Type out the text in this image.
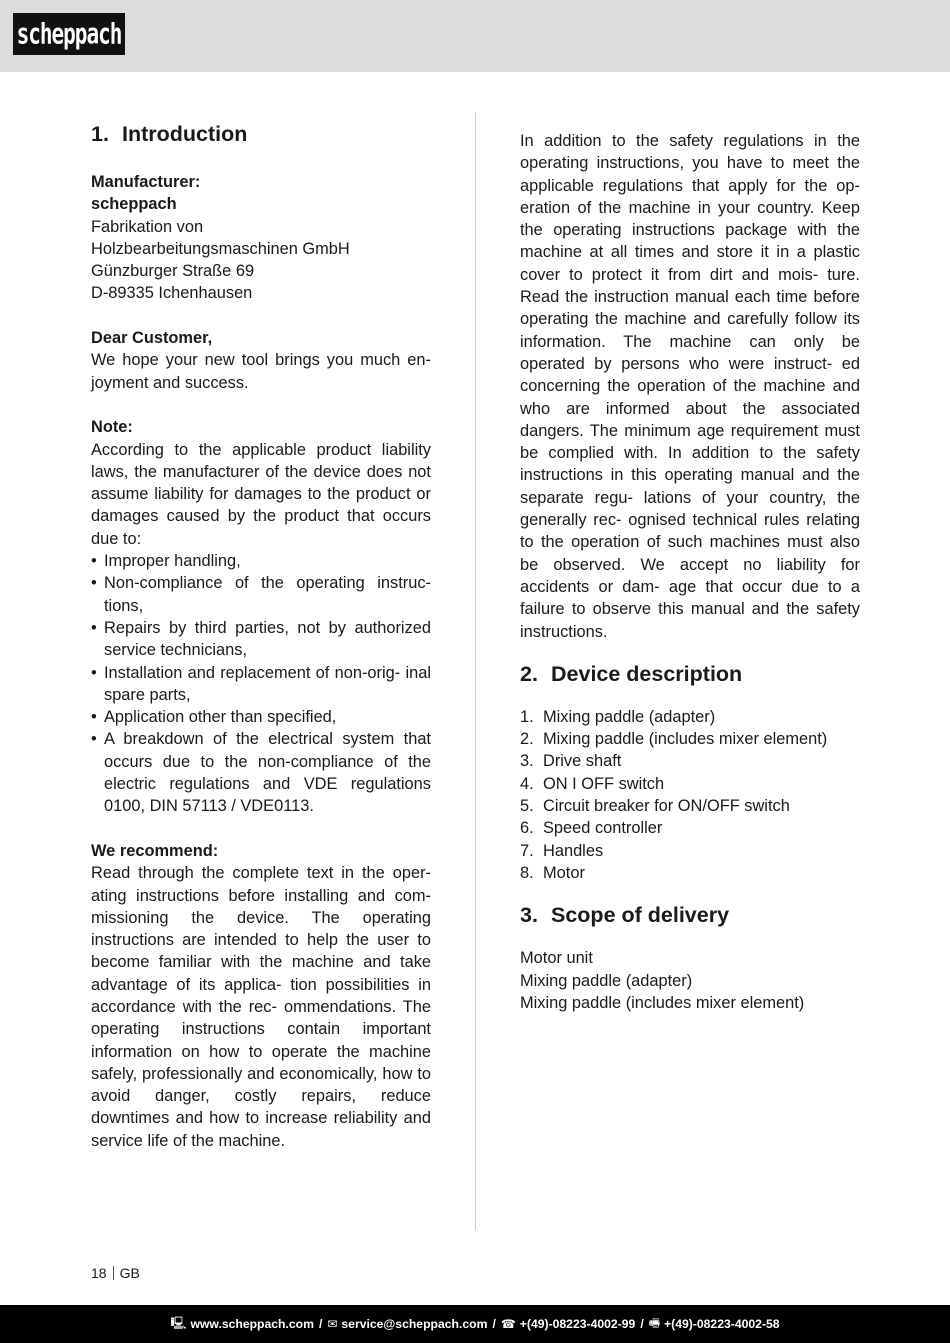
scheppach
1. Introduction

Manufacturer:

scheppach

Fabrikation von

Holzbearbeitungsmaschinen GmbH

Günzburger Straße 69

D-89335 Ichenhausen

Dear Customer,

We hope your new tool brings you much en- joyment and success.

Note:

According to the applicable product liability laws, the manufacturer of the device does not assume liability for damages to the product or damages caused by the product that occurs due to:
• Improper handling,
• Non-compliance of the operating instruc- tions,
• Repairs by third parties, not by authorized service technicians,
• Installation and replacement of non-orig- inal spare parts,
• Application other than specified,
• A breakdown of the electrical system that occurs due to the non-compliance of the electric regulations and VDE regulations 0100, DIN 57113 / VDE0113.

We recommend:

Read through the complete text in the oper- ating instructions before installing and com- missioning the device. The operating instructions are intended to help the user to become familiar with the machine and take advantage of its applica- tion possibilities in accordance with the rec- ommendations. The operating instructions contain important information on how to operate the machine safely, professionally and economically, how to avoid danger, costly repairs, reduce downtimes and how to increase reliability and service life of the machine.
In addition to the safety regulations in the operating instructions, you have to meet the applicable regulations that apply for the op- eration of the machine in your country. Keep the operating instructions package with the machine at all times and store it in a plastic cover to protect it from dirt and mois- ture. Read the instruction manual each time before operating the machine and carefully follow its information. The machine can only be operated by persons who were instruct- ed concerning the operation of the machine and who are informed about the associated dangers. The minimum age requirement must be complied with. In addition to the safety instructions in this operating manual and the separate regu- lations of your country, the generally rec- ognised technical rules relating to the operation of such machines must also be observed. We accept no liability for accidents or dam- age that occur due to a failure to observe this manual and the safety instructions.
2. Device description
1. Mixing paddle (adapter)
2. Mixing paddle (includes mixer element)
3. Drive shaft
4. ON I OFF switch
5. Circuit breaker for ON/OFF switch
6. Speed controller
7. Handles
8. Motor
3. Scope of delivery

Motor unit

Mixing paddle (adapter)

Mixing paddle (includes mixer element)

18 GB
🖳 www.scheppach.com / ✉ service@scheppach.com / ☎ +(49)-08223-4002-99 / 🖷 +(49)-08223-4002-58
